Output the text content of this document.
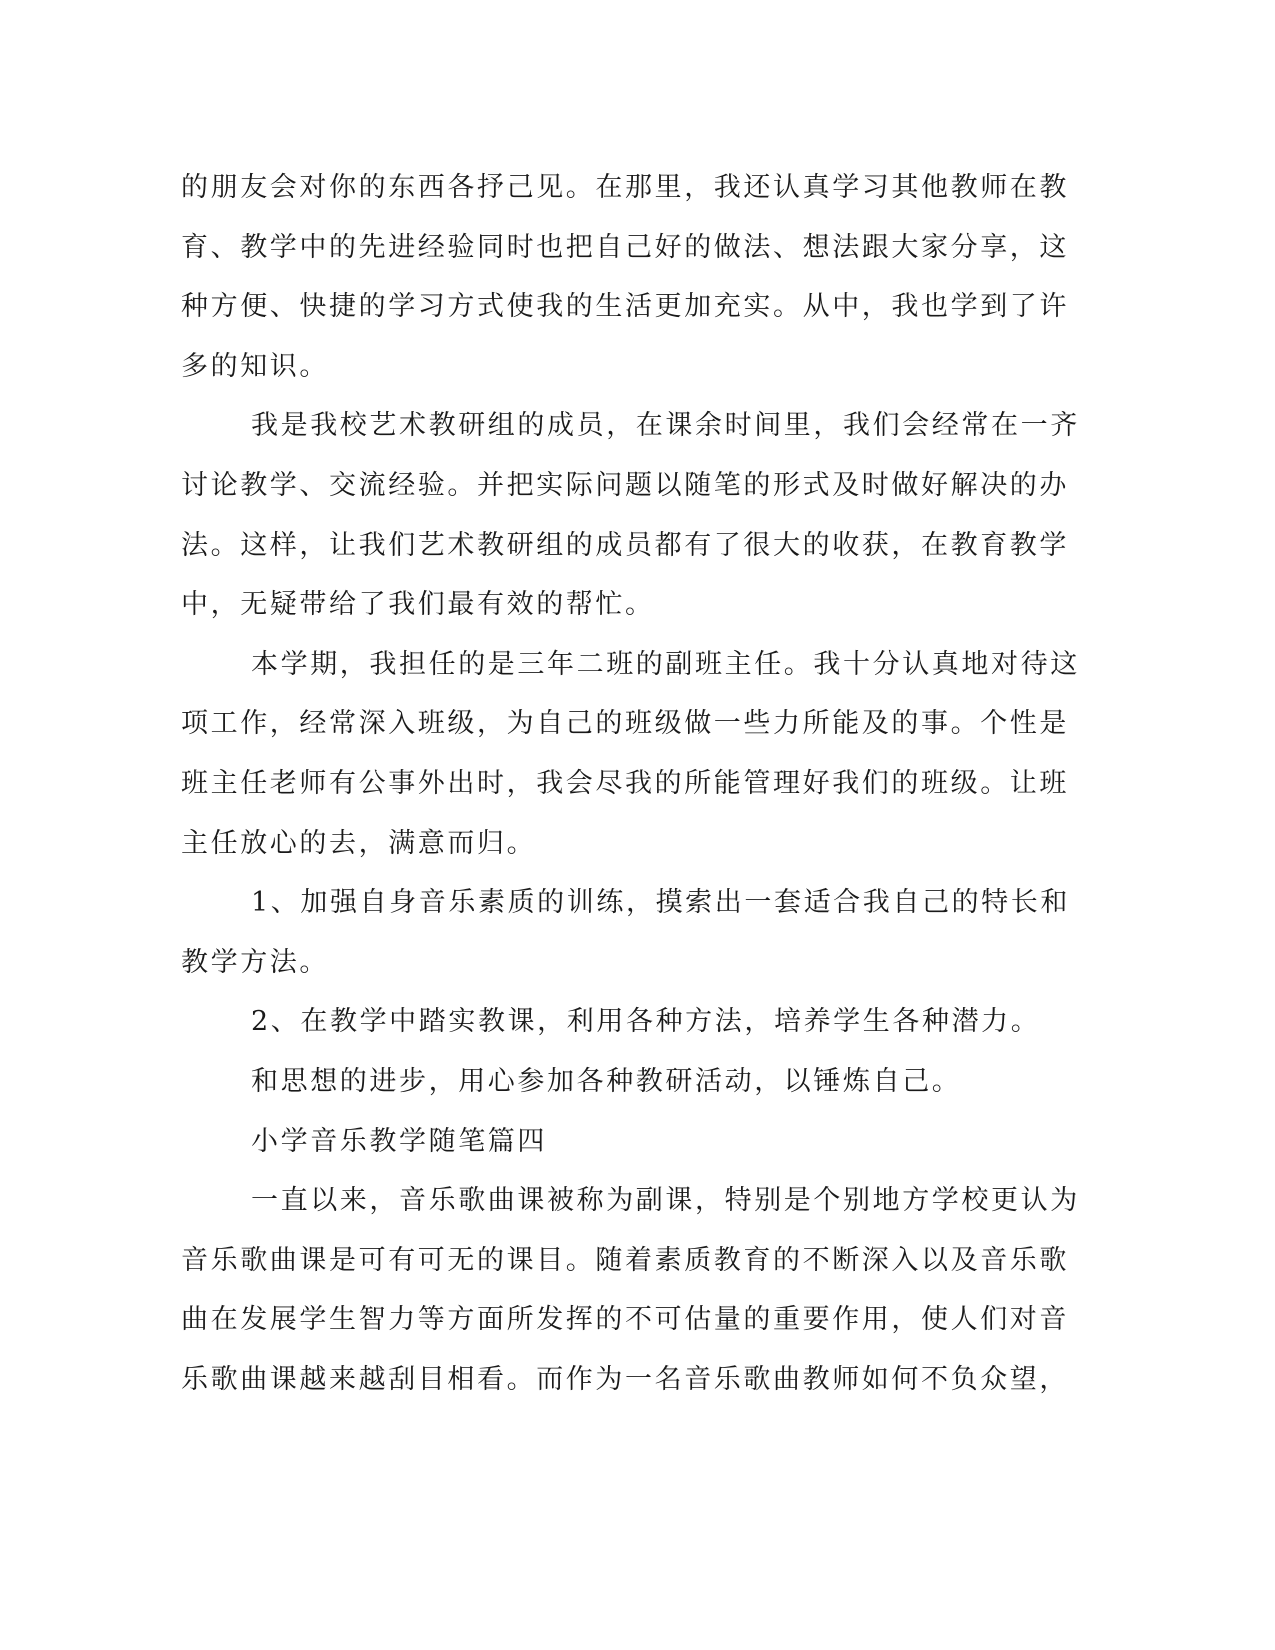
的朋友会对你的东西各抒己见。在那里，我还认真学习其他教师在教
育、教学中的先进经验同时也把自己好的做法、想法跟大家分享，这
种方便、快捷的学习方式使我的生活更加充实。从中，我也学到了许
多的知识。
我是我校艺术教研组的成员，在课余时间里，我们会经常在一齐
讨论教学、交流经验。并把实际问题以随笔的形式及时做好解决的办
法。这样，让我们艺术教研组的成员都有了很大的收获，在教育教学
中，无疑带给了我们最有效的帮忙。
本学期，我担任的是三年二班的副班主任。我十分认真地对待这
项工作，经常深入班级，为自己的班级做一些力所能及的事。个性是
班主任老师有公事外出时，我会尽我的所能管理好我们的班级。让班
主任放心的去，满意而归。
1、加强自身音乐素质的训练，摸索出一套适合我自己的特长和
教学方法。
2、在教学中踏实教课，利用各种方法，培养学生各种潜力。
和思想的进步，用心参加各种教研活动，以锤炼自己。
小学音乐教学随笔篇四
一直以来，音乐歌曲课被称为副课，特别是个别地方学校更认为
音乐歌曲课是可有可无的课目。随着素质教育的不断深入以及音乐歌
曲在发展学生智力等方面所发挥的不可估量的重要作用，使人们对音
乐歌曲课越来越刮目相看。而作为一名音乐歌曲教师如何不负众望，
